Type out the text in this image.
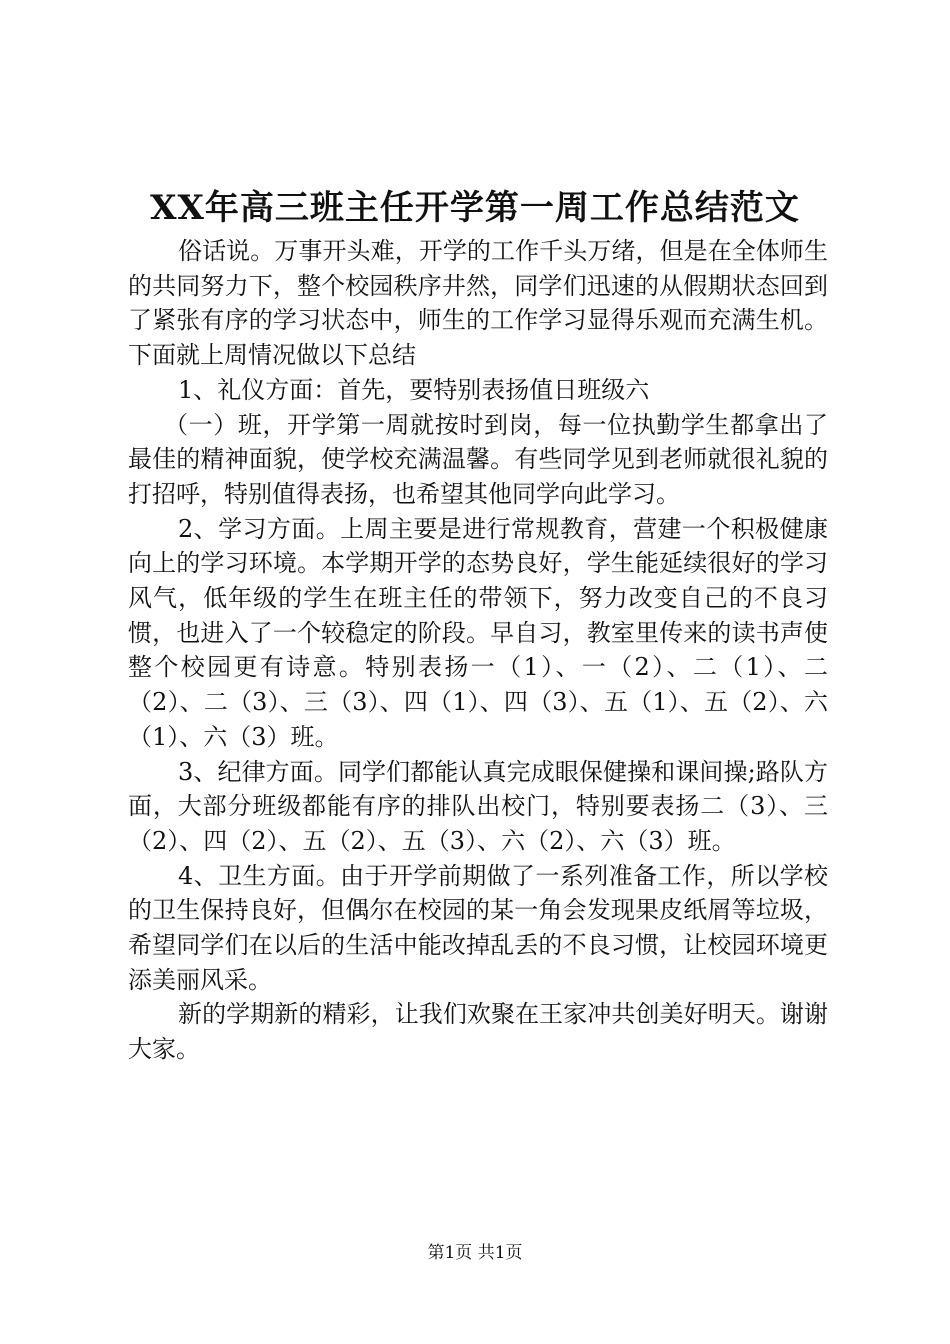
XX年高三班主任开学第一周工作总结范文

俗话说。万事开头难，开学的工作千头万绪，但是在全体师生的共同努力下，整个校园秩序井然，同学们迅速的从假期状态回到了紧张有序的学习状态中，师生的工作学习显得乐观而充满生机。下面就上周情况做以下总结

1、礼仪方面：首先，要特别表扬值日班级六

（一）班，开学第一周就按时到岗，每一位执勤学生都拿出了最佳的精神面貌，使学校充满温馨。有些同学见到老师就很礼貌的打招呼，特别值得表扬，也希望其他同学向此学习。

2、学习方面。上周主要是进行常规教育，营建一个积极健康向上的学习环境。本学期开学的态势良好，学生能延续很好的学习风气，低年级的学生在班主任的带领下，努力改变自己的不良习惯，也进入了一个较稳定的阶段。早自习，教室里传来的读书声使整个校园更有诗意。特别表扬一（1）、一（2）、二（1）、二（2）、二（3）、三（3）、四（1）、四（3）、五（1）、五（2）、六（1）、六（3）班。

3、纪律方面。同学们都能认真完成眼保健操和课间操;路队方面，大部分班级都能有序的排队出校门，特别要表扬二（3）、三（2）、四（2）、五（2）、五（3）、六（2）、六（3）班。

4、卫生方面。由于开学前期做了一系列准备工作，所以学校的卫生保持良好，但偶尔在校园的某一角会发现果皮纸屑等垃圾，希望同学们在以后的生活中能改掉乱丢的不良习惯，让校园环境更添美丽风采。

新的学期新的精彩，让我们欢聚在王家冲共创美好明天。谢谢大家。

第1页 共1页
